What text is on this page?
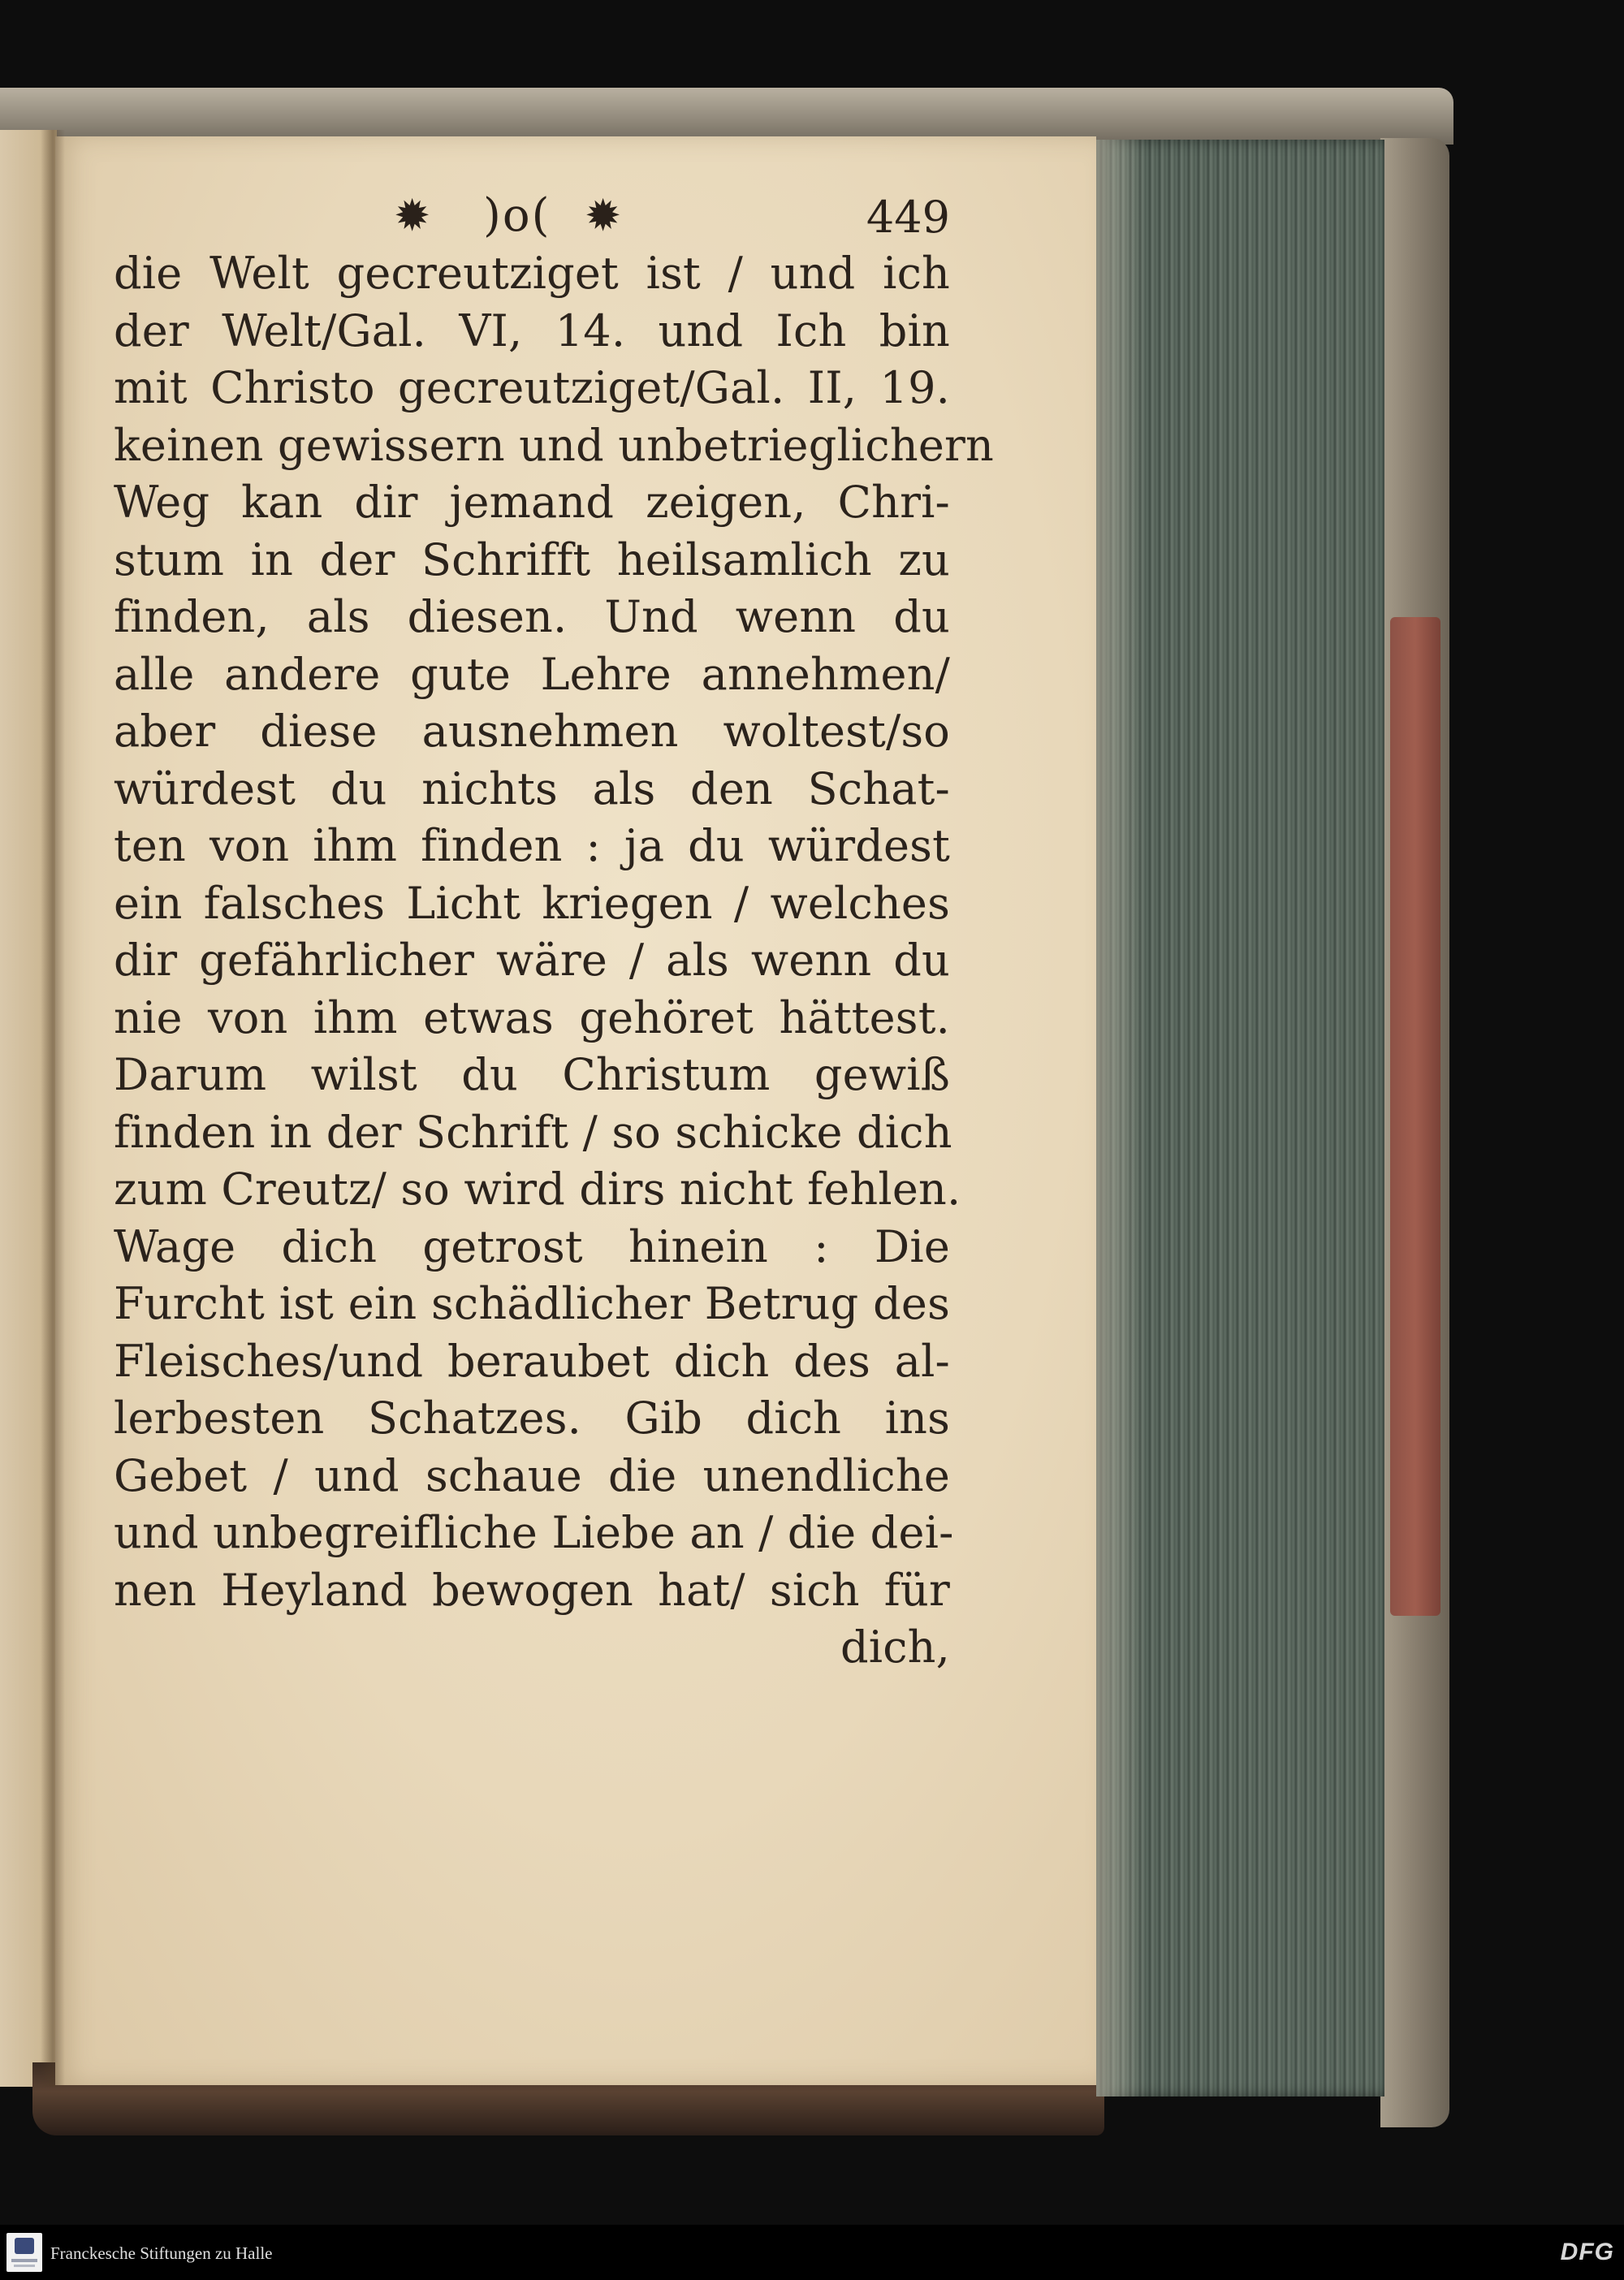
✹ )o( ✹	449
die Welt gecreutziget ist / und ich
der Welt/Gal. VI, 14. und Ich bin
mit Christo gecreutziget/Gal. II, 19.
keinen gewissern und unbetrieglichern
Weg kan dir jemand zeigen, Chri-
stum in der Schrifft heilsamlich zu
finden, als diesen. Und wenn du
alle andere gute Lehre annehmen/
aber diese ausnehmen woltest/so
würdest du nichts als den Schat-
ten von ihm finden : ja du würdest
ein falsches Licht kriegen / welches
dir gefährlicher wäre / als wenn du
nie von ihm etwas gehöret hättest.
Darum wilst du Christum gewiß
finden in der Schrift / so schicke dich
zum Creutz/ so wird dirs nicht fehlen.
Wage dich getrost hinein : Die
Furcht ist ein schädlicher Betrug des
Fleisches/und beraubet dich des al-
lerbesten Schatzes. Gib dich ins
Gebet / und schaue die unendliche
und unbegreifliche Liebe an / die dei-
nen Heyland bewogen hat/ sich für
dich,
Franckesche Stiftungen zu Halle	DFG
